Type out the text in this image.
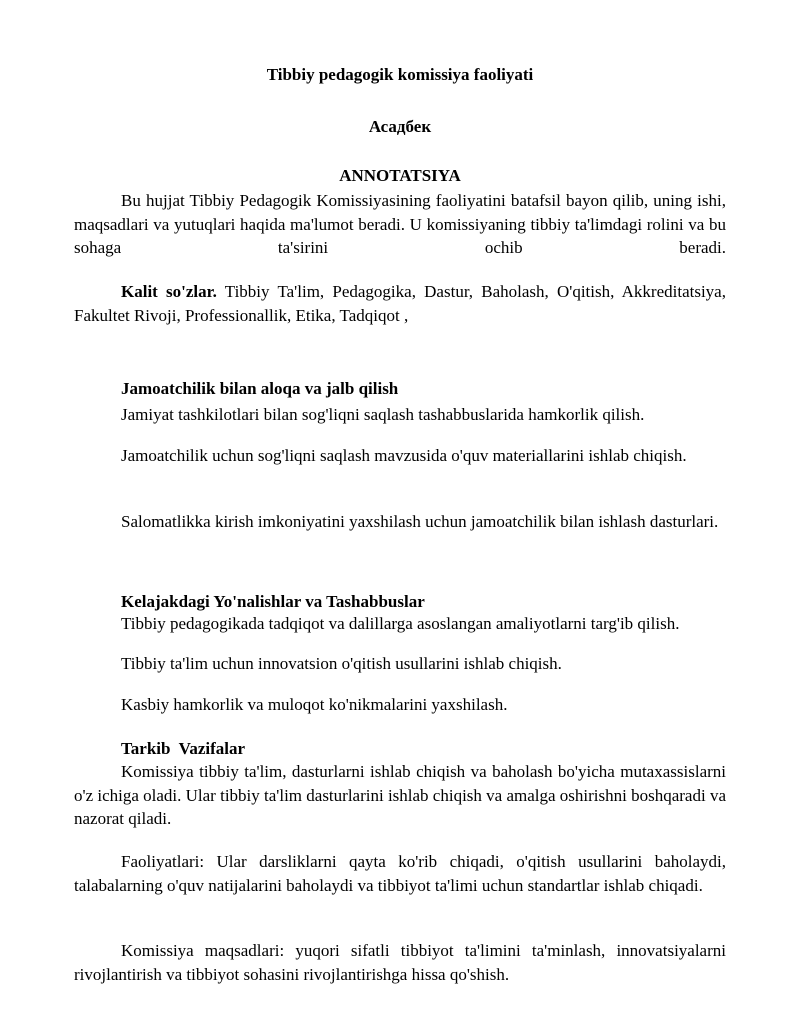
Tibbiy pedagogik komissiya faoliyati
Асадбек
ANNOTATSIYA
Bu hujjat Tibbiy Pedagogik Komissiyasining faoliyatini batafsil bayon qilib, uning ishi, maqsadlari va yutuqlari haqida ma'lumot beradi. U komissiyaning tibbiy ta'limdagi rolini va bu sohaga ta'sirini ochib beradi.
Kalit so'zlar. Tibbiy Ta'lim, Pedagogika, Dastur, Baholash, O'qitish, Akkreditatsiya, Fakultet Rivoji, Professionallik, Etika, Tadqiqot ,
Jamoatchilik bilan aloqa va jalb qilish
Jamiyat tashkilotlari bilan sog'liqni saqlash tashabbuslarida hamkorlik qilish.
Jamoatchilik uchun sog'liqni saqlash mavzusida o'quv materiallarini ishlab chiqish.
Salomatlikka kirish imkoniyatini yaxshilash uchun jamoatchilik bilan ishlash dasturlari.
Kelajakdagi Yo'nalishlar va Tashabbuslar
Tibbiy pedagogikada tadqiqot va dalillarga asoslangan amaliyotlarni targ'ib qilish.
Tibbiy ta'lim uchun innovatsion o'qitish usullarini ishlab chiqish.
Kasbiy hamkorlik va muloqot ko'nikmalarini yaxshilash.
Tarkib  Vazifalar
Komissiya tibbiy ta'lim, dasturlarni ishlab chiqish va baholash bo'yicha mutaxassislarni o'z ichiga oladi. Ular tibbiy ta'lim dasturlarini ishlab chiqish va amalga oshirishni boshqaradi va nazorat qiladi.
Faoliyatlari: Ular darsliklarni qayta ko'rib chiqadi, o'qitish usullarini baholaydi, talabalarning o'quv natijalarini baholaydi va tibbiyot ta'limi uchun standartlar ishlab chiqadi.
Komissiya maqsadlari: yuqori sifatli tibbiyot ta'limini ta'minlash, innovatsiyalarni rivojlantirish va tibbiyot sohasini rivojlantirishga hissa qo'shish.
